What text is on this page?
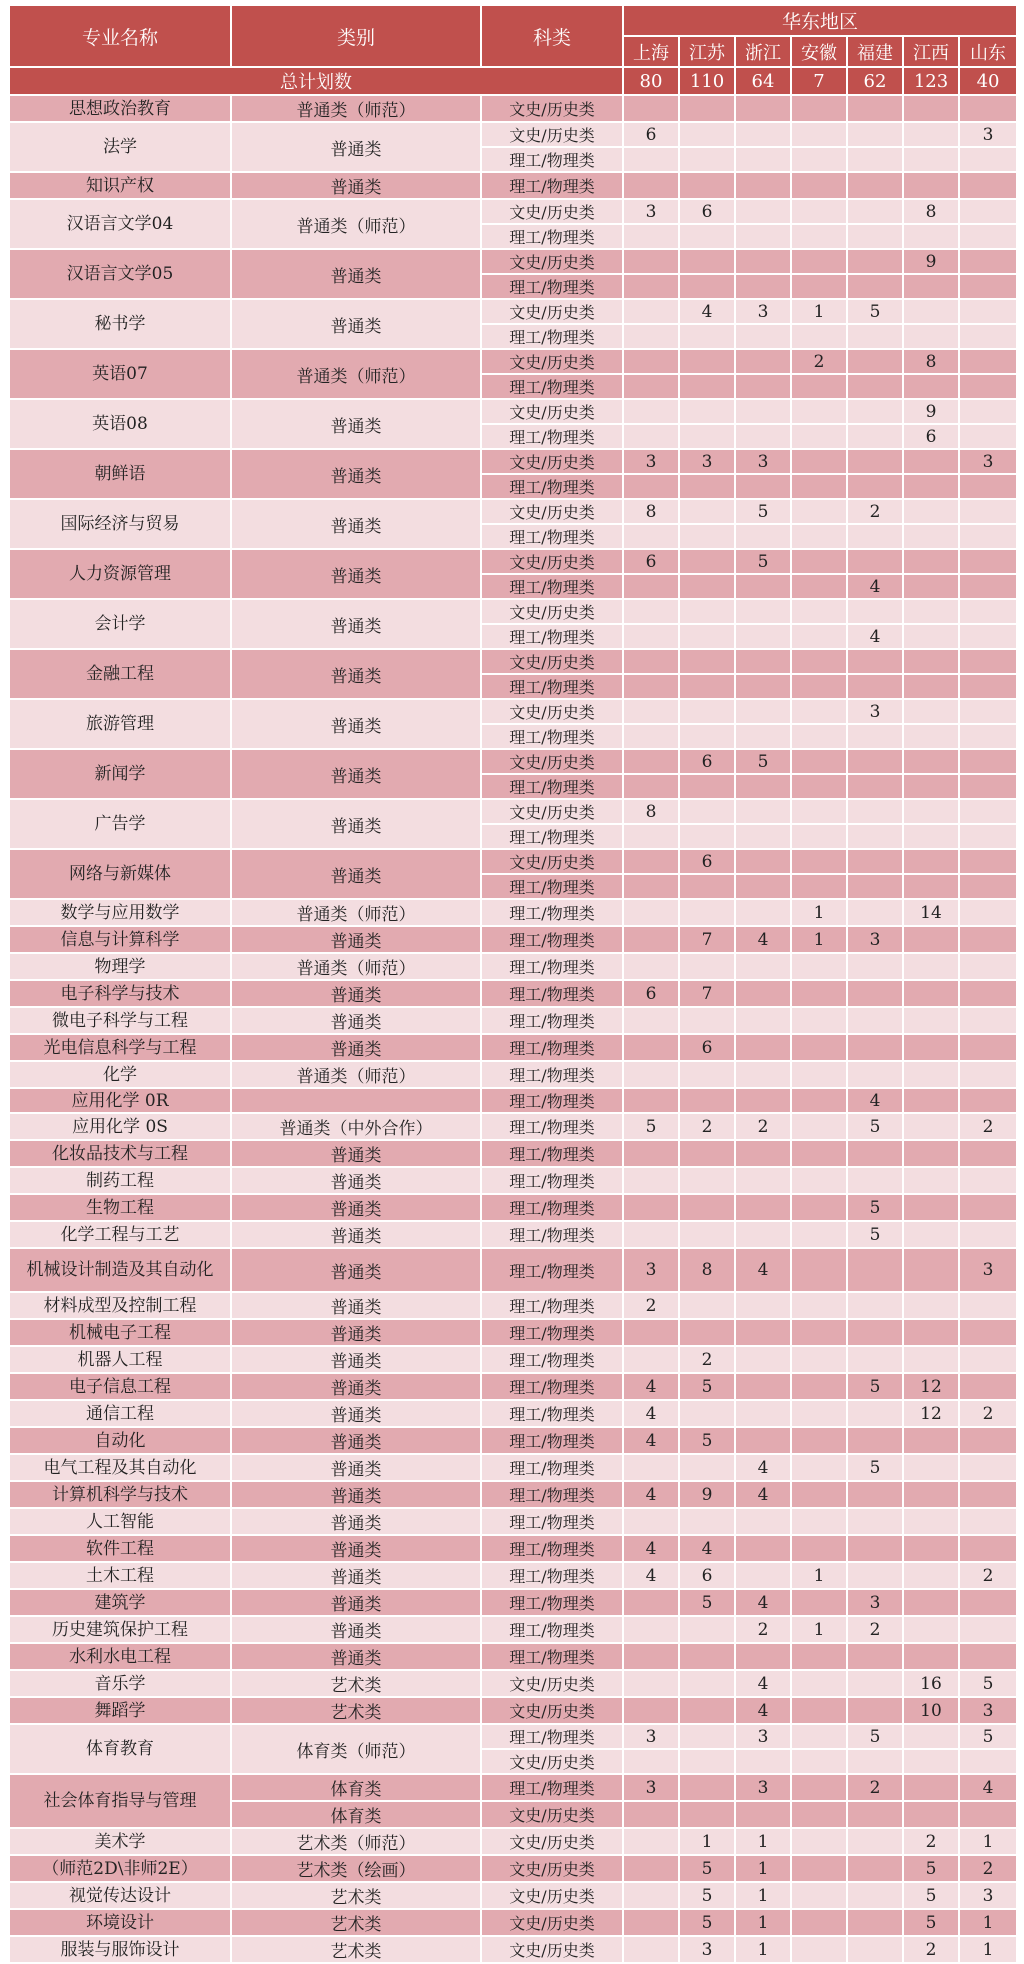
专业名称	类别	科类	华东地区						
			上海	江苏	浙江	安徽	福建	江西	山东
总计划数			80	110	64	7	62	123	40
思想政治教育	普通类（师范）	文史/历史类							
法学	普通类	文史/历史类	6						3
		理工/物理类							
知识产权	普通类	理工/物理类							
汉语言文学04	普通类（师范）	文史/历史类	3	6				8	
		理工/物理类							
汉语言文学05	普通类	文史/历史类						9	
		理工/物理类							
秘书学	普通类	文史/历史类		4	3	1	5		
		理工/物理类							
英语07	普通类（师范）	文史/历史类				2		8	
		理工/物理类							
英语08	普通类	文史/历史类						9	
		理工/物理类						6	
朝鲜语	普通类	文史/历史类	3	3	3				3
		理工/物理类							
国际经济与贸易	普通类	文史/历史类	8		5		2		
		理工/物理类							
人力资源管理	普通类	文史/历史类	6		5				
		理工/物理类					4		
会计学	普通类	文史/历史类							
		理工/物理类					4		
金融工程	普通类	文史/历史类							
		理工/物理类							
旅游管理	普通类	文史/历史类					3		
		理工/物理类							
新闻学	普通类	文史/历史类		6	5				
		理工/物理类							
广告学	普通类	文史/历史类	8						
		理工/物理类							
网络与新媒体	普通类	文史/历史类		6					
		理工/物理类							
数学与应用数学	普通类（师范）	理工/物理类				1		14	
信息与计算科学	普通类	理工/物理类		7	4	1	3		
物理学	普通类（师范）	理工/物理类							
电子科学与技术	普通类	理工/物理类	6	7					
微电子科学与工程	普通类	理工/物理类							
光电信息科学与工程	普通类	理工/物理类		6					
化学	普通类（师范）	理工/物理类							
应用化学 0R		理工/物理类					4		
应用化学 0S	普通类（中外合作）	理工/物理类	5	2	2		5		2
化妆品技术与工程	普通类	理工/物理类							
制药工程	普通类	理工/物理类							
生物工程	普通类	理工/物理类					5		
化学工程与工艺	普通类	理工/物理类					5		
机械设计制造及其自动化	普通类	理工/物理类	3	8	4				3
材料成型及控制工程	普通类	理工/物理类	2						
机械电子工程	普通类	理工/物理类							
机器人工程	普通类	理工/物理类		2					
电子信息工程	普通类	理工/物理类	4	5			5	12	
通信工程	普通类	理工/物理类	4					12	2
自动化	普通类	理工/物理类	4	5					
电气工程及其自动化	普通类	理工/物理类			4		5		
计算机科学与技术	普通类	理工/物理类	4	9	4				
人工智能	普通类	理工/物理类							
软件工程	普通类	理工/物理类	4	4					
土木工程	普通类	理工/物理类	4	6		1			2
建筑学	普通类	理工/物理类		5	4		3		
历史建筑保护工程	普通类	理工/物理类			2	1	2		
水利水电工程	普通类	理工/物理类							
音乐学	艺术类	文史/历史类			4			16	5
舞蹈学	艺术类	文史/历史类			4			10	3
体育教育	体育类（师范）	理工/物理类	3		3		5		5
		文史/历史类							
社会体育指导与管理	体育类	理工/物理类	3		3		2		4
	体育类	文史/历史类							
美术学	艺术类（师范）	文史/历史类		1	1			2	1
（师范2D\非师2E）	艺术类（绘画）	文史/历史类		5	1			5	2
视觉传达设计	艺术类	文史/历史类		5	1			5	3
环境设计	艺术类	文史/历史类		5	1			5	1
服装与服饰设计	艺术类	文史/历史类		3	1			2	1
